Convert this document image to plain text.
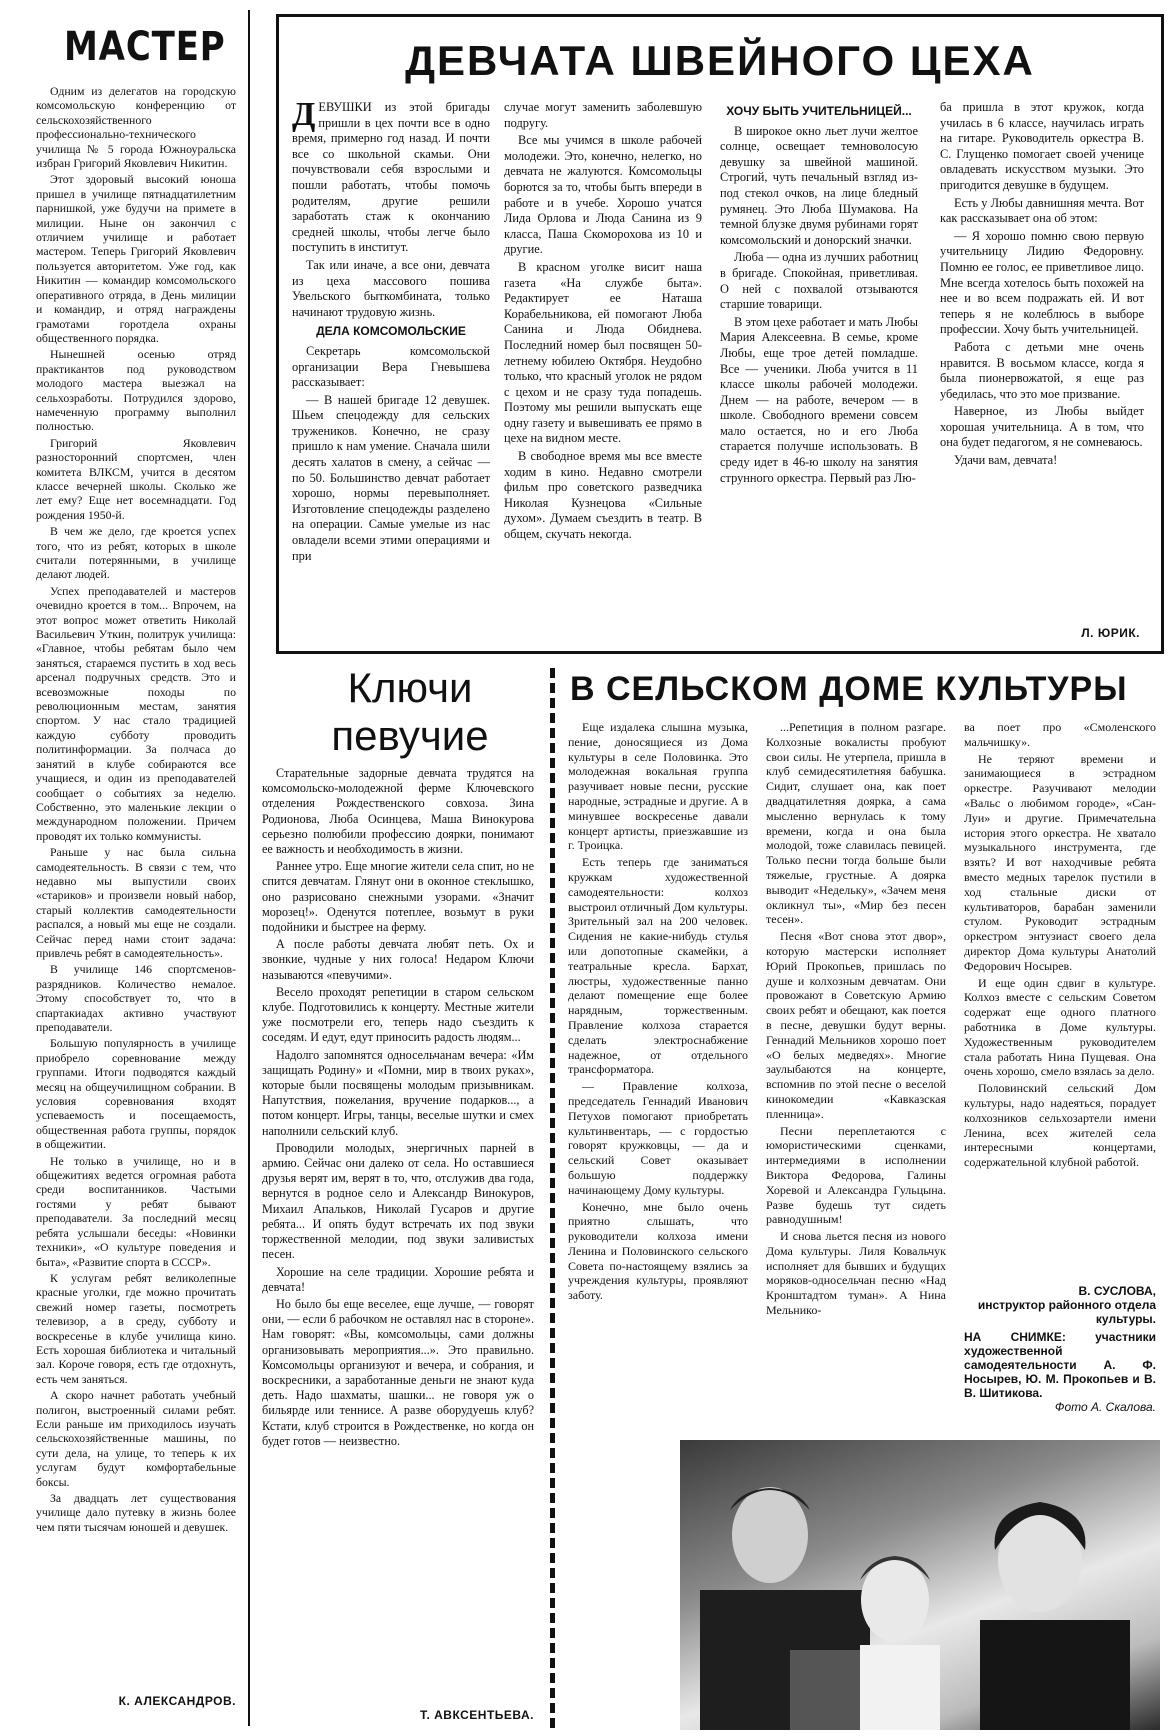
МАСТЕР

Одним из делегатов на городскую комсомольскую конференцию от сельскохозяйственного профессионально-технического училища № 5 города Южноуральска избран Григорий Яковлевич Никитин.

Этот здоровый высокий юноша пришел в училище пятнадцатилетним парнишкой, уже будучи на примете в милиции. Ныне он закончил с отличием училище и работает мастером. Теперь Григорий Яковлевич пользуется авторитетом. Уже год, как Никитин — командир комсомольского оперативного отряда, в День милиции и командир, и отряд награждены грамотами горотдела охраны общественного порядка.

Нынешней осенью отряд практикантов под руководством молодого мастера выезжал на сельхозработы. Потрудился здорово, намеченную программу выполнил полностью.

Григорий Яковлевич разносторонний спортсмен, член комитета ВЛКСМ, учится в десятом классе вечерней школы. Сколько же лет ему? Еще нет восемнадцати. Год рождения 1950-й.

В чем же дело, где кроется успех того, что из ребят, которых в школе считали потерянными, в училище делают людей.

Успех преподавателей и мастеров очевидно кроется в том... Впрочем, на этот вопрос может ответить Николай Васильевич Уткин, политрук училища: «Главное, чтобы ребятам было чем заняться, стараемся пустить в ход весь арсенал подручных средств. Это и всевозможные походы по революционным местам, занятия спортом. У нас стало традицией каждую субботу проводить политинформации. За полчаса до занятий в клубе собираются все учащиеся, и один из преподавателей сообщает о событиях за неделю. Собственно, это маленькие лекции о международном положении. Причем проводят их только коммунисты.

Раньше у нас была сильна самодеятельность. В связи с тем, что недавно мы выпустили своих «стариков» и произвели новый набор, старый коллектив самодеятельности распался, а новый мы еще не создали. Сейчас перед нами стоит задача: привлечь ребят в самодеятельность».

В училище 146 спортсменов-разрядников. Количество немалое. Этому способствует то, что в спартакиадах активно участвуют преподаватели.

Большую популярность в училище приобрело соревнование между группами. Итоги подводятся каждый месяц на общеучилищном собрании. В условия соревнования входят успеваемость и посещаемость, общественная работа группы, порядок в общежитии.

Не только в училище, но и в общежитиях ведется огромная работа среди воспитанников. Частыми гостями у ребят бывают преподаватели. За последний месяц ребята услышали беседы: «Новинки техники», «О культуре поведения и быта», «Развитие спорта в СССР».

К услугам ребят великолепные красные уголки, где можно прочитать свежий номер газеты, посмотреть телевизор, а в среду, субботу и воскресенье в клубе училища кино. Есть хорошая библиотека и читальный зал. Короче говоря, есть где отдохнуть, есть чем заняться.

А скоро начнет работать учебный полигон, выстроенный силами ребят. Если раньше им приходилось изучать сельскохозяйственные машины, по сути дела, на улице, то теперь к их услугам будут комфортабельные боксы.

За двадцать лет существования училище дало путевку в жизнь более чем пяти тысячам юношей и девушек.

К. АЛЕКСАНДРОВ.
ДЕВЧАТА ШВЕЙНОГО ЦЕХА

ДЕВУШКИ из этой бригады пришли в цех почти все в одно время, примерно год назад. И почти все со школьной скамьи. Они почувствовали себя взрослыми и пошли работать, чтобы помочь родителям, другие решили заработать стаж к окончанию средней школы, чтобы легче было поступить в институт.

Так или иначе, а все они, девчата из цеха массового пошива Увельского быткомбината, только начинают трудовую жизнь.

ДЕЛА КОМСОМОЛЬСКИЕ

Секретарь комсомольской организации Вера Гневышева рассказывает:

— В нашей бригаде 12 девушек. Шьем спецодежду для сельских тружеников. Конечно, не сразу пришло к нам умение. Сначала шили десять халатов в смену, а сейчас — по 50. Большинство девчат работает хорошо, нормы перевыполняет. Изготовление спецодежды разделено на операции. Самые умелые из нас овладели всеми этими операциями и при

случае могут заменить заболевшую подругу.

Все мы учимся в школе рабочей молодежи. Это, конечно, нелегко, но девчата не жалуются. Комсомольцы борются за то, чтобы быть впереди в работе и в учебе. Хорошо учатся Лида Орлова и Люда Санина из 9 класса, Паша Скоморохова из 10 и другие.

В красном уголке висит наша газета «На службе быта». Редактирует ее Наташа Корабельникова, ей помогают Люба Санина и Люда Обиднева. Последний номер был посвящен 50-летнему юбилею Октября. Неудобно только, что красный уголок не рядом с цехом и не сразу туда попадешь. Поэтому мы решили выпускать еще одну газету и вывешивать ее прямо в цехе на видном месте.

В свободное время мы все вместе ходим в кино. Недавно смотрели фильм про советского разведчика Николая Кузнецова «Сильные духом». Думаем съездить в театр. В общем, скучать некогда.

ХОЧУ БЫТЬ УЧИТЕЛЬНИЦЕЙ...

В широкое окно льет лучи желтое солнце, освещает темноволосую девушку за швейной машиной. Строгий, чуть печальный взгляд из-под стекол очков, на лице бледный румянец. Это Люба Шумакова. На темной блузке двумя рубинами горят комсомольский и донорский значки.

Люба — одна из лучших работниц в бригаде. Спокойная, приветливая. О ней с похвалой отзываются старшие товарищи.

В этом цехе работает и мать Любы Мария Алексеевна. В семье, кроме Любы, еще трое детей помладше. Все — ученики. Люба учится в 11 классе школы рабочей молодежи. Днем — на работе, вечером — в школе. Свободного времени совсем мало остается, но и его Люба старается получше использовать. В среду идет в 46-ю школу на занятия струнного оркестра. Первый раз Лю-

ба пришла в этот кружок, когда училась в 6 классе, научилась играть на гитаре. Руководитель оркестра В. С. Глущенко помогает своей ученице овладевать искусством музыки. Это пригодится девушке в будущем.

Есть у Любы давнишняя мечта. Вот как рассказывает она об этом:

— Я хорошо помню свою первую учительницу Лидию Федоровну. Помню ее голос, ее приветливое лицо. Мне всегда хотелось быть похожей на нее и во всем подражать ей. И вот теперь я не колеблюсь в выборе профессии. Хочу быть учительницей.

Работа с детьми мне очень нравится. В восьмом классе, когда я была пионервожатой, я еще раз убедилась, что это мое призвание.

Наверное, из Любы выйдет хорошая учительница. А в том, что она будет педагогом, я не сомневаюсь.

Удачи вам, девчата!

Л. ЮРИК.
Ключи
певучие

Старательные задорные девчата трудятся на комсомольско-молодежной ферме Ключевского отделения Рождественского совхоза. Зина Родионова, Люба Осинцева, Маша Винокурова серьезно полюбили профессию доярки, понимают ее важность и необходимость в жизни.

Раннее утро. Еще многие жители села спит, но не спится девчатам. Глянут они в оконное стеклышко, оно разрисовано снежными узорами. «Значит морозец!». Оденутся потеплее, возьмут в руки подойники и быстрее на ферму.

А после работы девчата любят петь. Ох и звонкие, чудные у них голоса! Недаром Ключи называются «певучими».

Весело проходят репетиции в старом сельском клубе. Подготовились к концерту. Местные жители уже посмотрели его, теперь надо съездить к соседям. И едут, едут приносить радость людям...

Надолго запомнятся односельчанам вечера: «Им защищать Родину» и «Помни, мир в твоих руках», которые были посвящены молодым призывникам. Напутствия, пожелания, вручение подарков..., а потом концерт. Игры, танцы, веселые шутки и смех наполнили сельский клуб.

Проводили молодых, энергичных парней в армию. Сейчас они далеко от села. Но оставшиеся друзья верят им, верят в то, что, отслужив два года, вернутся в родное село и Александр Винокуров, Михаил Апальков, Николай Гусаров и другие ребята... И опять будут встречать их под звуки торжественной мелодии, под звуки заливистых песен.

Хорошие на селе традиции. Хорошие ребята и девчата!

Но было бы еще веселее, еще лучше, — говорят они, — если б рабочком не оставлял нас в стороне». Нам говорят: «Вы, комсомольцы, сами должны организовывать мероприятия...». Это правильно. Комсомольцы организуют и вечера, и собрания, и воскресники, а заработанные деньги не знают куда деть. Надо шахматы, шашки... не говоря уж о бильярде или теннисе. А разве оборудуешь клуб? Кстати, клуб строится в Рождественке, но когда он будет готов — неизвестно.

Т. АВКСЕНТЬЕВА.
В СЕЛЬСКОМ ДОМЕ КУЛЬТУРЫ

Еще издалека слышна музыка, пение, доносящиеся из Дома культуры в селе Половинка. Это молодежная вокальная группа разучивает новые песни, русские народные, эстрадные и другие. А в минувшее воскресенье давали концерт артисты, приезжавшие из г. Троицка.

Есть теперь где заниматься кружкам художественной самодеятельности: колхоз выстроил отличный Дом культуры. Зрительный зал на 200 человек. Сидения не какие-нибудь стулья или допотопные скамейки, а театральные кресла. Бархат, люстры, художественные панно делают помещение еще более нарядным, торжественным. Правление колхоза старается сделать электроснабжение надежное, от отдельного трансформатора.

— Правление колхоза, председатель Геннадий Иванович Петухов помогают приобретать культинвентарь, — с гордостью говорят кружковцы, — да и сельский Совет оказывает большую поддержку начинающему Дому культуры.

Конечно, мне было очень приятно слышать, что руководители колхоза имени Ленина и Половинского сельского Совета по-настоящему взялись за учреждения культуры, проявляют заботу.

...Репетиция в полном разгаре. Колхозные вокалисты пробуют свои силы. Не утерпела, пришла в клуб семидесятилетняя бабушка. Сидит, слушает она, как поет двадцатилетняя доярка, а сама мысленно вернулась к тому времени, когда и она была молодой, тоже славилась певицей. Только песни тогда больше были тяжелые, грустные. А доярка выводит «Недельку», «Зачем меня окликнул ты», «Мир без песен тесен».

Песня «Вот снова этот двор», которую мастерски исполняет Юрий Прокопьев, пришлась по душе и колхозным девчатам. Они провожают в Советскую Армию своих ребят и обещают, как поется в песне, девушки будут верны. Геннадий Мельников хорошо поет «О белых медведях». Многие заулыбаются на концерте, вспомнив по этой песне о веселой кинокомедии «Кавказская пленница».

Песни переплетаются с юмористическими сценками, интермедиями в исполнении Виктора Федорова, Галины Хоревой и Александра Гульцына. Разве будешь тут сидеть равнодушным!

И снова льется песня из нового Дома культуры. Лиля Ковальчук исполняет для бывших и будущих моряков-односельчан песню «Над Кронштадтом туман». А Нина Мельнико-

ва поет про «Смоленского мальчишку».

Не теряют времени и занимающиеся в эстрадном оркестре. Разучивают мелодии «Вальс о любимом городе», «Сан-Луи» и другие. Примечательна история этого оркестра. Не хватало музыкального инструмента, где взять? И вот находчивые ребята вместо медных тарелок пустили в ход стальные диски от культиваторов, барабан заменили стулом. Руководит эстрадным оркестром энтузиаст своего дела директор Дома культуры Анатолий Федорович Носырев.

И еще один сдвиг в культуре. Колхоз вместе с сельским Советом содержат еще одного платного работника в Доме культуры. Художественным руководителем стала работать Нина Пущевая. Она очень хорошо, смело взялась за дело.

Половинский сельский Дом культуры, надо надеяться, порадует колхозников сельхозартели имени Ленина, всех жителей села интересными концертами, содержательной клубной работой.

В. СУСЛОВА,
инструктор районного отдела культуры.
НА СНИМКЕ: участники художественной самодеятельности А. Ф. Носырев, Ю. М. Прокопьев и В. В. Шитикова.
Фото А. Скалова.
